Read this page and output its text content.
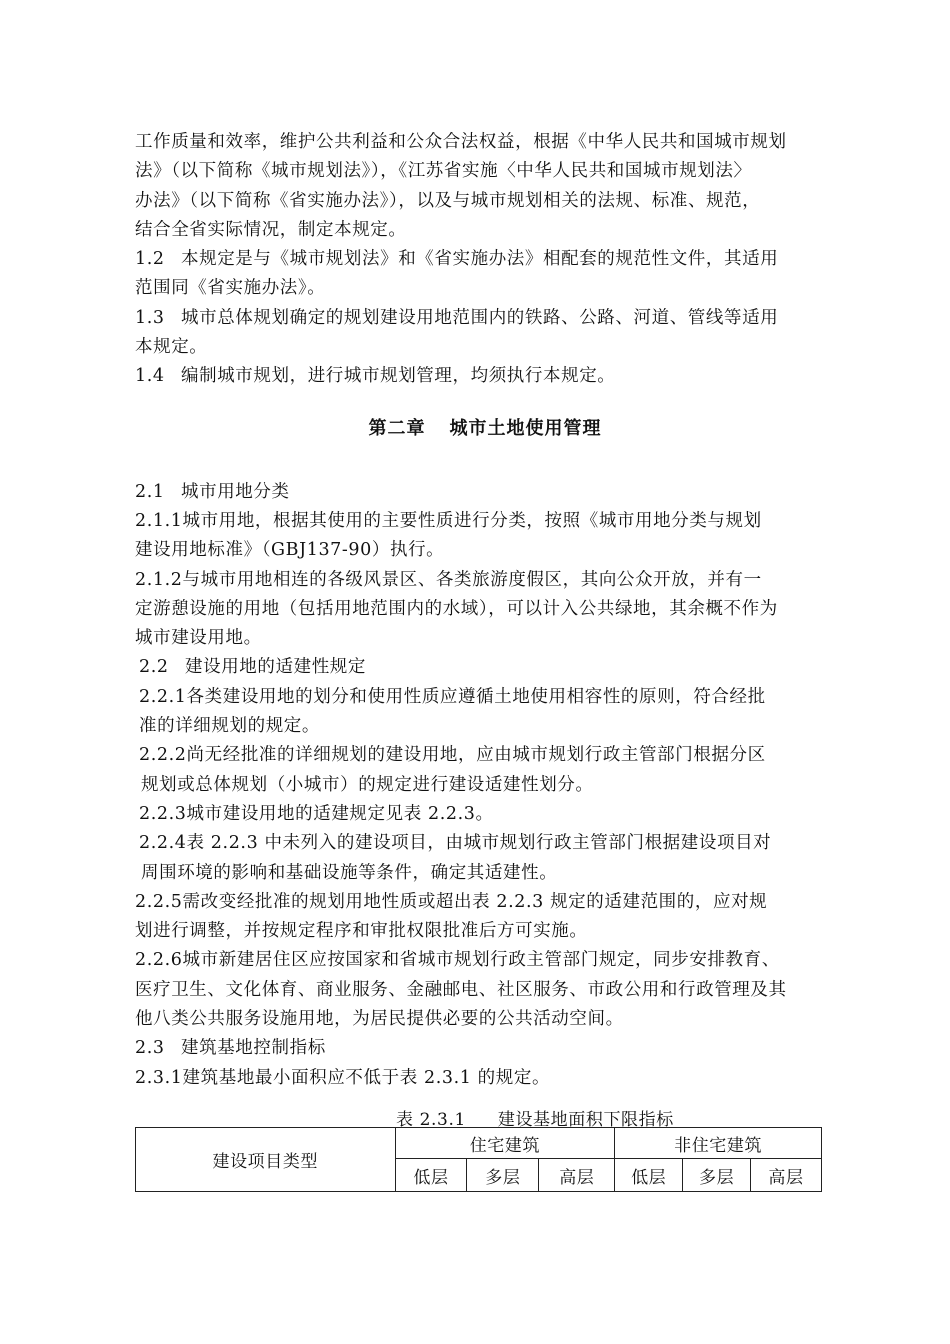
工作质量和效率，维护公共利益和公众合法权益，根据《中华人民共和国城市规划

法》（以下简称《城市规划法》），《江苏省实施〈中华人民共和国城市规划法〉

办法》（以下简称《省实施办法》），以及与城市规划相关的法规、标准、规范，

结合全省实际情况，制定本规定。

1.2 本规定是与《城市规划法》和《省实施办法》相配套的规范性文件，其适用

范围同《省实施办法》。

1.3 城市总体规划确定的规划建设用地范围内的铁路、公路、河道、管线等适用

本规定。

1.4 编制城市规划，进行城市规划管理，均须执行本规定。

第二章 城市土地使用管理

2.1 城市用地分类

2.1.1城市用地，根据其使用的主要性质进行分类，按照《城市用地分类与规划

建设用地标准》（GBJ137-90）执行。

2.1.2与城市用地相连的各级风景区、各类旅游度假区，其向公众开放，并有一

定游憩设施的用地（包括用地范围内的水域），可以计入公共绿地，其余概不作为

城市建设用地。

2.2 建设用地的适建性规定

2.2.1各类建设用地的划分和使用性质应遵循土地使用相容性的原则，符合经批

准的详细规划的规定。

2.2.2尚无经批准的详细规划的建设用地，应由城市规划行政主管部门根据分区

规划或总体规划（小城市）的规定进行建设适建性划分。

2.2.3城市建设用地的适建规定见表 2.2.3。

2.2.4表 2.2.3 中未列入的建设项目，由城市规划行政主管部门根据建设项目对

周围环境的影响和基础设施等条件，确定其适建性。

2.2.5需改变经批准的规划用地性质或超出表 2.2.3 规定的适建范围的，应对规

划进行调整，并按规定程序和审批权限批准后方可实施。

2.2.6城市新建居住区应按国家和省城市规划行政主管部门规定，同步安排教育、

医疗卫生、文化体育、商业服务、金融邮电、社区服务、市政公用和行政管理及其

他八类公共服务设施用地，为居民提供必要的公共活动空间。

2.3 建筑基地控制指标

2.3.1建筑基地最小面积应不低于表 2.3.1 的规定。

表 2.3.1 建设基地面积下限指标
建设项目类型	住宅建筑			非住宅建筑		
	低层	多层	高层	低层	多层	高层
